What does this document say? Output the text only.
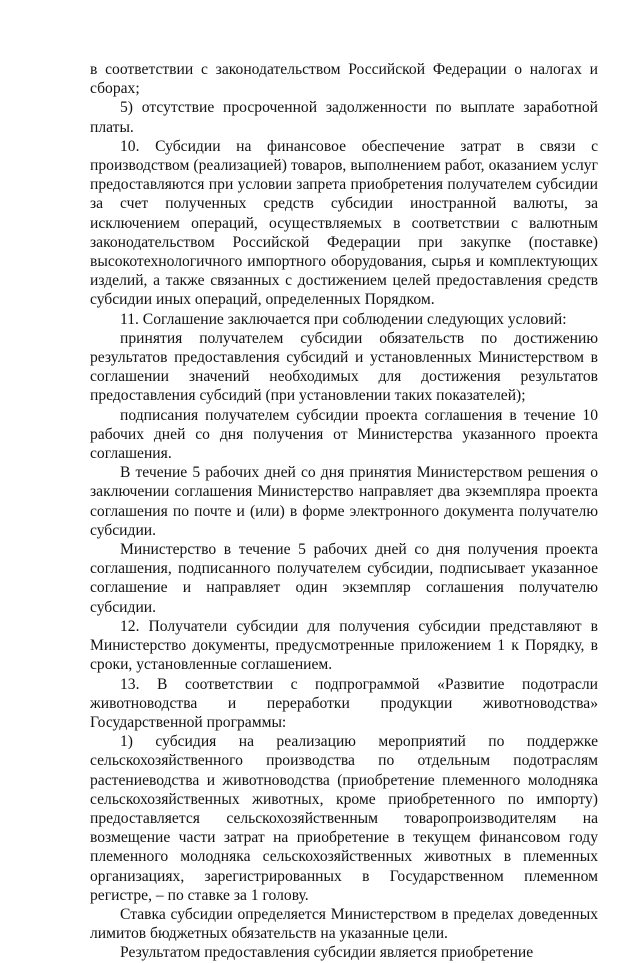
в соответствии с законодательством Российской Федерации о налогах и сборах;

5) отсутствие просроченной задолженности по выплате заработной платы.

10. Субсидии на финансовое обеспечение затрат в связи с производством (реализацией) товаров, выполнением работ, оказанием услуг предоставляются при условии запрета приобретения получателем субсидии за счет полученных средств субсидии иностранной валюты, за исключением операций, осуществляемых в соответствии с валютным законодательством Российской Федерации при закупке (поставке) высокотехнологичного импортного оборудования, сырья и комплектующих изделий, а также связанных с достижением целей предоставления средств субсидии иных операций, определенных Порядком.

11. Соглашение заключается при соблюдении следующих условий:

принятия получателем субсидии обязательств по достижению результатов предоставления субсидий и установленных Министерством в соглашении значений необходимых для достижения результатов предоставления субсидий (при установлении таких показателей);

подписания получателем субсидии проекта соглашения в течение 10 рабочих дней со дня получения от Министерства указанного проекта соглашения.

В течение 5 рабочих дней со дня принятия Министерством решения о заключении соглашения Министерство направляет два экземпляра проекта соглашения по почте и (или) в форме электронного документа получателю субсидии.

Министерство в течение 5 рабочих дней со дня получения проекта соглашения, подписанного получателем субсидии, подписывает указанное соглашение и направляет один экземпляр соглашения получателю субсидии.

12. Получатели субсидии для получения субсидии представляют в Министерство документы, предусмотренные приложением 1 к Порядку, в сроки, установленные соглашением.

13. В соответствии с подпрограммой «Развитие подотрасли животноводства и переработки продукции животноводства» Государственной программы:

1) субсидия на реализацию мероприятий по поддержке сельскохозяйственного производства по отдельным подотраслям растениеводства и животноводства (приобретение племенного молодняка сельскохозяйственных животных, кроме приобретенного по импорту) предоставляется сельскохозяйственным товаропроизводителям на возмещение части затрат на приобретение в текущем финансовом году племенного молодняка сельскохозяйственных животных в племенных организациях, зарегистрированных в Государственном племенном регистре, – по ставке за 1 голову.

Ставка субсидии определяется Министерством в пределах доведенных лимитов бюджетных обязательств на указанные цели.

Результатом предоставления субсидии является приобретение
